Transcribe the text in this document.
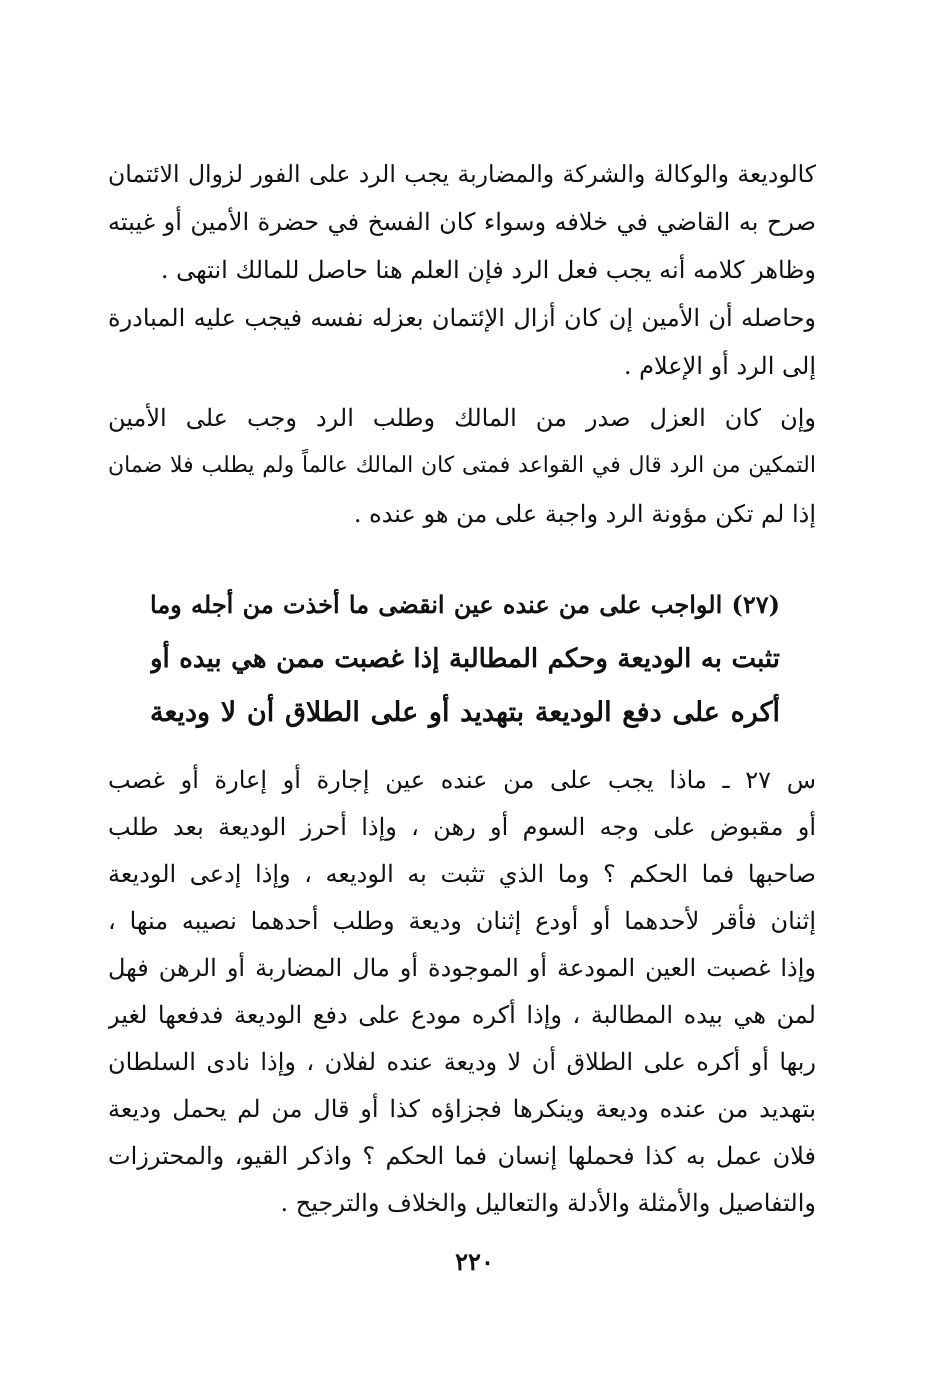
كالوديعة والوكالة والشركة والمضاربة يجب الرد على الفور لزوال الائتمان
صرح به القاضي في خلافه وسواء كان الفسخ في حضرة الأمين أو غيبته
وظاهر كلامه أنه يجب فعل الرد فإن العلم هنا حاصل للمالك انتهى .
وحاصله أن الأمين إن كان أزال الإئتمان بعزله نفسه فيجب عليه المبادرة
إلى الرد أو الإعلام .
وإن كان العزل صدر من المالك وطلب الرد وجب على الأمين
التمكين من الرد قال في القواعد فمتى كان المالك عالماً ولم يطلب فلا ضمان
إذا لم تكن مؤونة الرد واجبة على من هو عنده .
(٢٧) الواجب على من عنده عين انقضى ما أخذت من أجله وما
تثبت به الوديعة وحكم المطالبة إذا غصبت ممن هي بيده أو
أكره على دفع الوديعة بتهديد أو على الطلاق أن لا وديعة
س ٢٧ ـ ماذا يجب على من عنده عين إجارة أو إعارة أو غصب
أو مقبوض على وجه السوم أو رهن ، وإذا أحرز الوديعة بعد طلب
صاحبها فما الحكم ؟ وما الذي تثبت به الوديعه ، وإذا إدعى الوديعة
إثنان فأقر لأحدهما أو أودع إثنان وديعة وطلب أحدهما نصيبه منها ،
وإذا غصبت العين المودعة أو الموجودة أو مال المضاربة أو الرهن فهل
لمن هي بيده المطالبة ، وإذا أكره مودع على دفع الوديعة فدفعها لغير
ربها أو أكره على الطلاق أن لا وديعة عنده لفلان ، وإذا نادى السلطان
بتهديد من عنده وديعة وينكرها فجزاؤه كذا أو قال من لم يحمل وديعة
فلان عمل به كذا فحملها إنسان فما الحكم ؟ واذكر القيو، والمحترزات
والتفاصيل والأمثلة والأدلة والتعاليل والخلاف والترجيح .
٢٢٠
